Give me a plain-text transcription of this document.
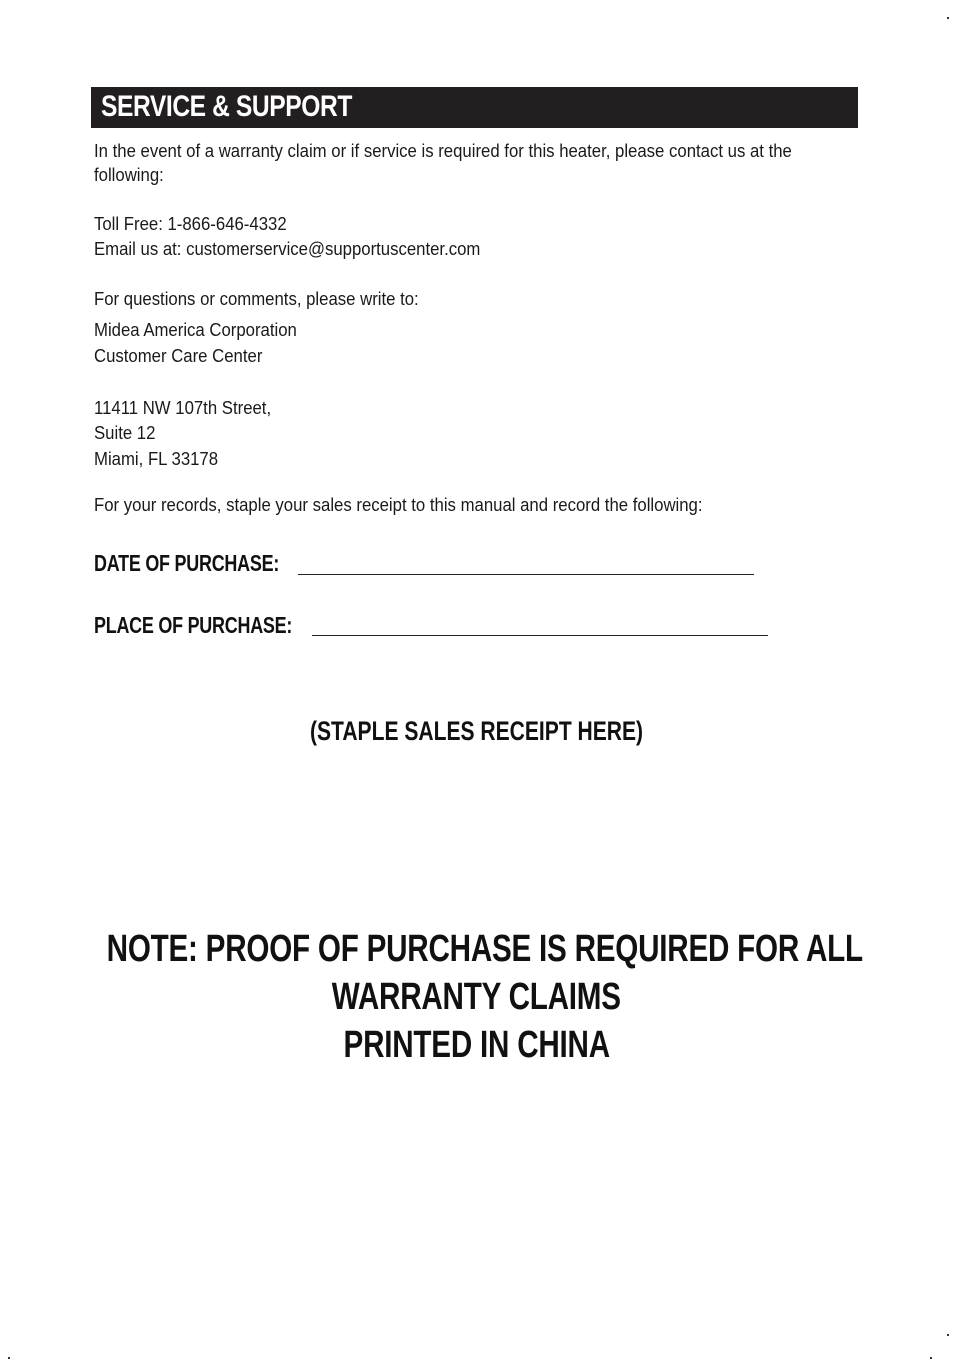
SERVICE & SUPPORT
In the event of a warranty claim or if service is required for this heater, please contact us at the
following:
Toll Free: 1-866-646-4332
Email us at: customerservice@supportuscenter.com
For questions or comments, please write to:
Midea America Corporation
Customer Care Center
11411 NW 107th Street,
Suite 12
Miami, FL 33178
For your records, staple your sales receipt to this manual and record the following:
DATE OF PURCHASE:
PLACE OF PURCHASE:
(STAPLE SALES RECEIPT HERE)
NOTE: PROOF OF PURCHASE IS REQUIRED FOR ALL
WARRANTY CLAIMS
PRINTED IN CHINA
